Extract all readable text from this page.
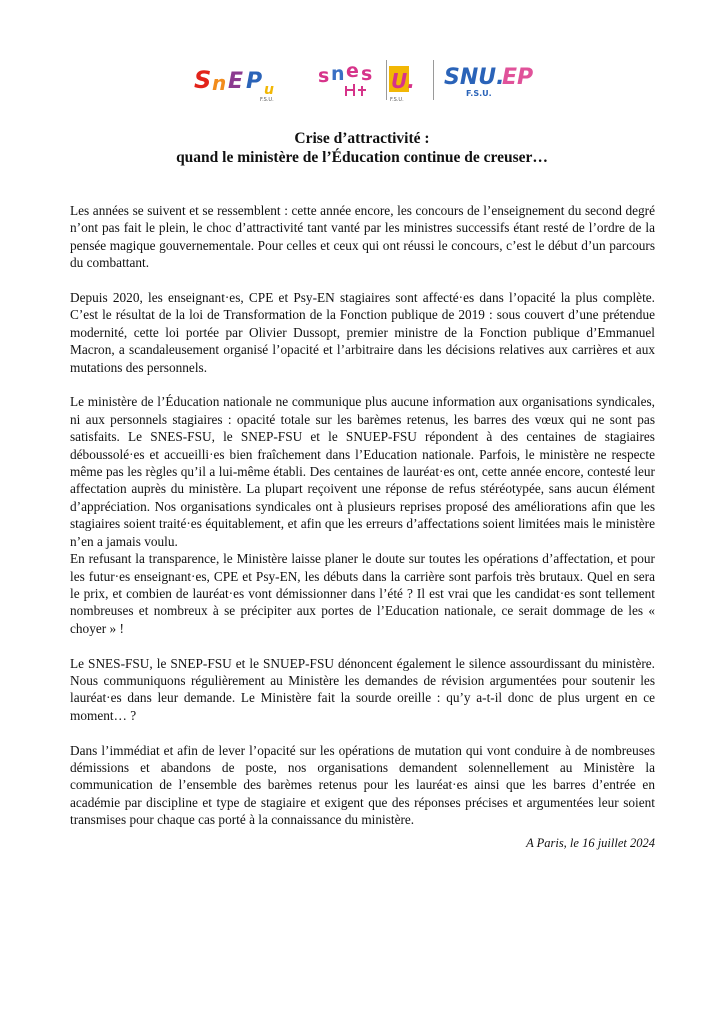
S n E P u
F.S.U.
s n e s U.
F.S.U.
SNU.
EP
F.S.U.
Crise d’attractivité :
quand le ministère de l’Éducation continue de creuser…

Les années se suivent et se ressemblent : cette année encore, les concours de l’enseignement du second degré n’ont pas fait le plein, le choc d’attractivité tant vanté par les ministres successifs étant resté de l’ordre de la pensée magique gouvernementale. Pour celles et ceux qui ont réussi le concours, c’est le début d’un parcours du combattant.

Depuis 2020, les enseignant·es, CPE et Psy-EN stagiaires sont affecté·es dans l’opacité la plus complète. C’est le résultat de la loi de Transformation de la Fonction publique de 2019 : sous couvert d’une prétendue modernité, cette loi portée par Olivier Dussopt, premier ministre de la Fonction publique d’Emmanuel Macron, a scandaleusement organisé l’opacité et l’arbitraire dans les décisions relatives aux carrières et aux mutations des personnels.

Le ministère de l’Éducation nationale ne communique plus aucune information aux organisations syndicales, ni aux personnels stagiaires : opacité totale sur les barèmes retenus, les barres des vœux qui ne sont pas satisfaits. Le SNES-FSU, le SNEP-FSU et le SNUEP-FSU répondent à des centaines de stagiaires déboussolé·es et accueilli·es bien fraîchement dans l’Education nationale. Parfois, le ministère ne respecte même pas les règles qu’il a lui-même établi. Des centaines de lauréat·es ont, cette année encore, contesté leur affectation auprès du ministère. La plupart reçoivent une réponse de refus stéréotypée, sans aucun élément d’appréciation. Nos organisations syndicales ont à plusieurs reprises proposé des améliorations afin que les stagiaires soient traité·es équitablement, et afin que les erreurs d’affectations soient limitées mais le ministère n’en a jamais voulu.

En refusant la transparence, le Ministère laisse planer le doute sur toutes les opérations d’affectation, et pour les futur·es enseignant·es, CPE et Psy-EN, les débuts dans la carrière sont parfois très brutaux. Quel en sera le prix, et combien de lauréat·es vont démissionner dans l’été ? Il est vrai que les candidat·es sont tellement nombreuses et nombreux à se précipiter aux portes de l’Education nationale, ce serait dommage de les « choyer » !

Le SNES-FSU, le SNEP-FSU et le SNUEP-FSU dénoncent également le silence assourdissant du ministère. Nous communiquons régulièrement au Ministère les demandes de révision argumentées pour soutenir les lauréat·es dans leur demande. Le Ministère fait la sourde oreille : qu’y a-t-il donc de plus urgent en ce moment… ?

Dans l’immédiat et afin de lever l’opacité sur les opérations de mutation qui vont conduire à de nombreuses démissions et abandons de poste, nos organisations demandent solennellement au Ministère la communication de l’ensemble des barèmes retenus pour les lauréat·es ainsi que les barres d’entrée en académie par discipline et type de stagiaire et exigent que des réponses précises et argumentées leur soient transmises pour chaque cas porté à la connaissance du ministère.

A Paris, le 16 juillet 2024
